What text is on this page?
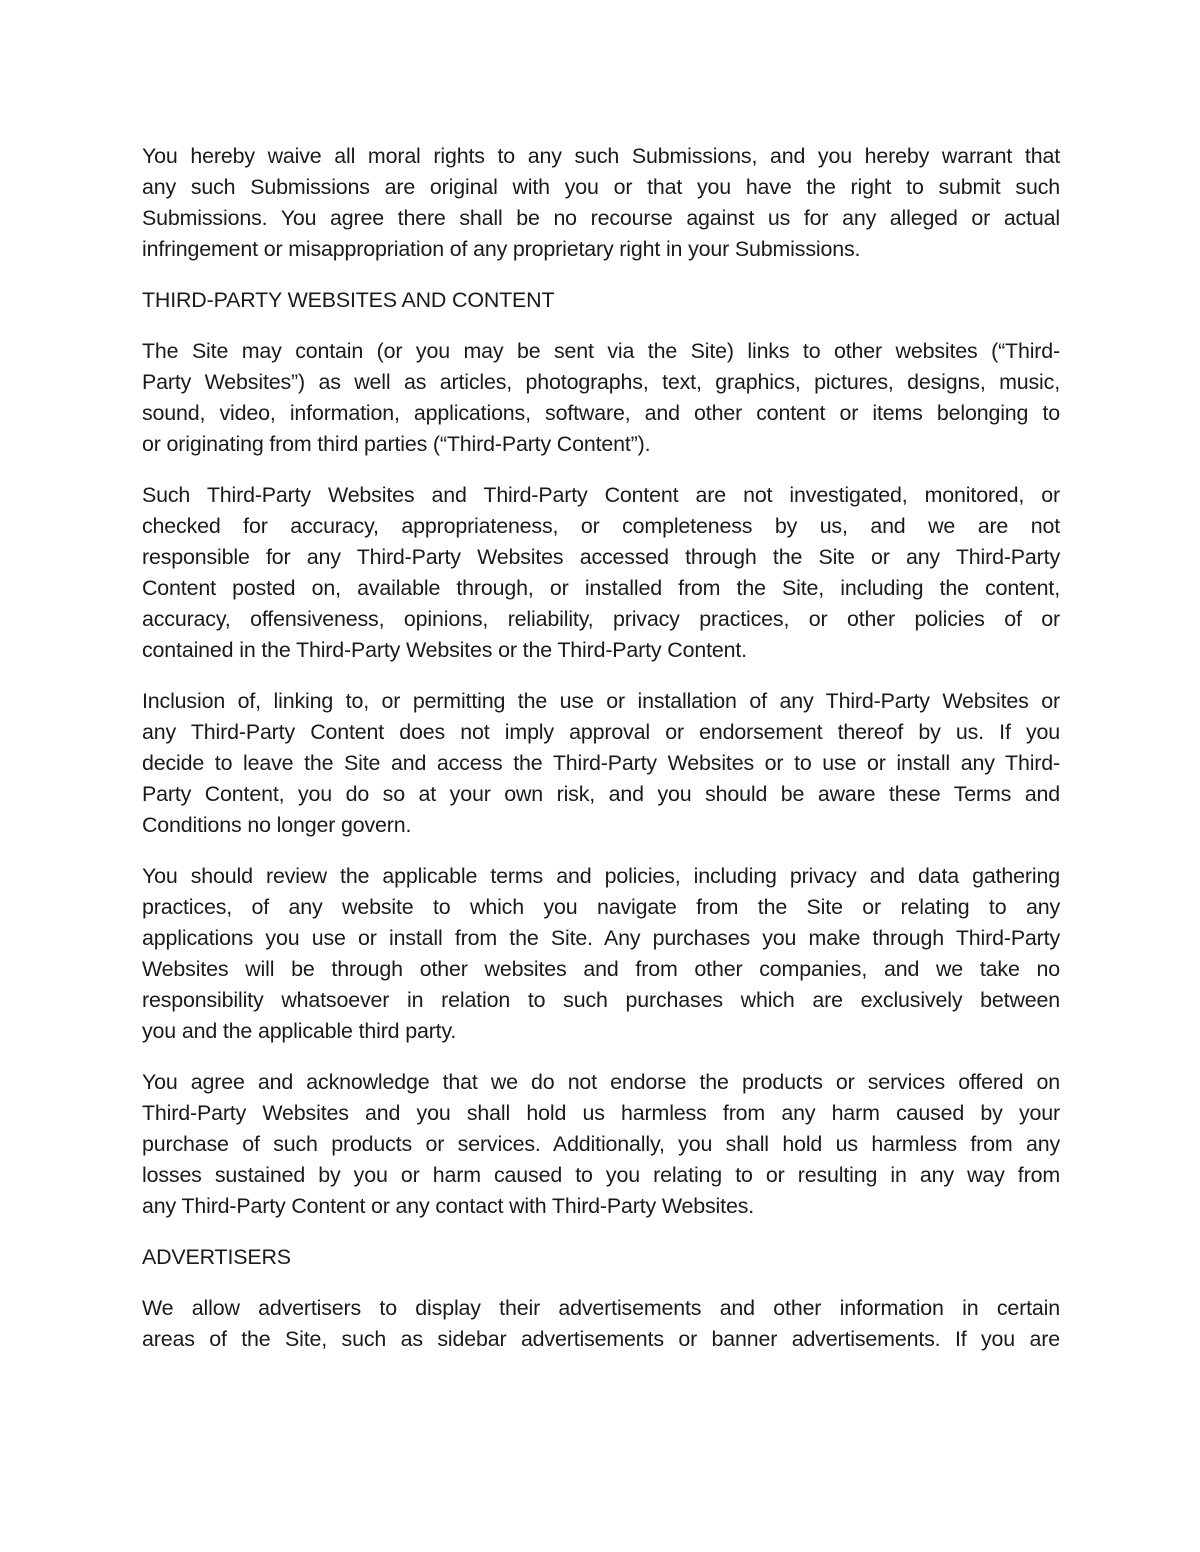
You hereby waive all moral rights to any such Submissions, and you hereby warrant that
any such Submissions are original with you or that you have the right to submit such
Submissions. You agree there shall be no recourse against us for any alleged or actual
infringement or misappropriation of any proprietary right in your Submissions.
THIRD-PARTY WEBSITES AND CONTENT
The Site may contain (or you may be sent via the Site) links to other websites (“Third-
Party Websites”) as well as articles, photographs, text, graphics, pictures, designs, music,
sound, video, information, applications, software, and other content or items belonging to
or originating from third parties (“Third-Party Content”).
Such Third-Party Websites and Third-Party Content are not investigated, monitored, or
checked for accuracy, appropriateness, or completeness by us, and we are not
responsible for any Third-Party Websites accessed through the Site or any Third-Party
Content posted on, available through, or installed from the Site, including the content,
accuracy, offensiveness, opinions, reliability, privacy practices, or other policies of or
contained in the Third-Party Websites or the Third-Party Content.
Inclusion of, linking to, or permitting the use or installation of any Third-Party Websites or
any Third-Party Content does not imply approval or endorsement thereof by us. If you
decide to leave the Site and access the Third-Party Websites or to use or install any Third-
Party Content, you do so at your own risk, and you should be aware these Terms and
Conditions no longer govern.
You should review the applicable terms and policies, including privacy and data gathering
practices, of any website to which you navigate from the Site or relating to any
applications you use or install from the Site. Any purchases you make through Third-Party
Websites will be through other websites and from other companies, and we take no
responsibility whatsoever in relation to such purchases which are exclusively between
you and the applicable third party.
You agree and acknowledge that we do not endorse the products or services offered on
Third-Party Websites and you shall hold us harmless from any harm caused by your
purchase of such products or services. Additionally, you shall hold us harmless from any
losses sustained by you or harm caused to you relating to or resulting in any way from
any Third-Party Content or any contact with Third-Party Websites.
ADVERTISERS
We allow advertisers to display their advertisements and other information in certain
areas of the Site, such as sidebar advertisements or banner advertisements. If you are
